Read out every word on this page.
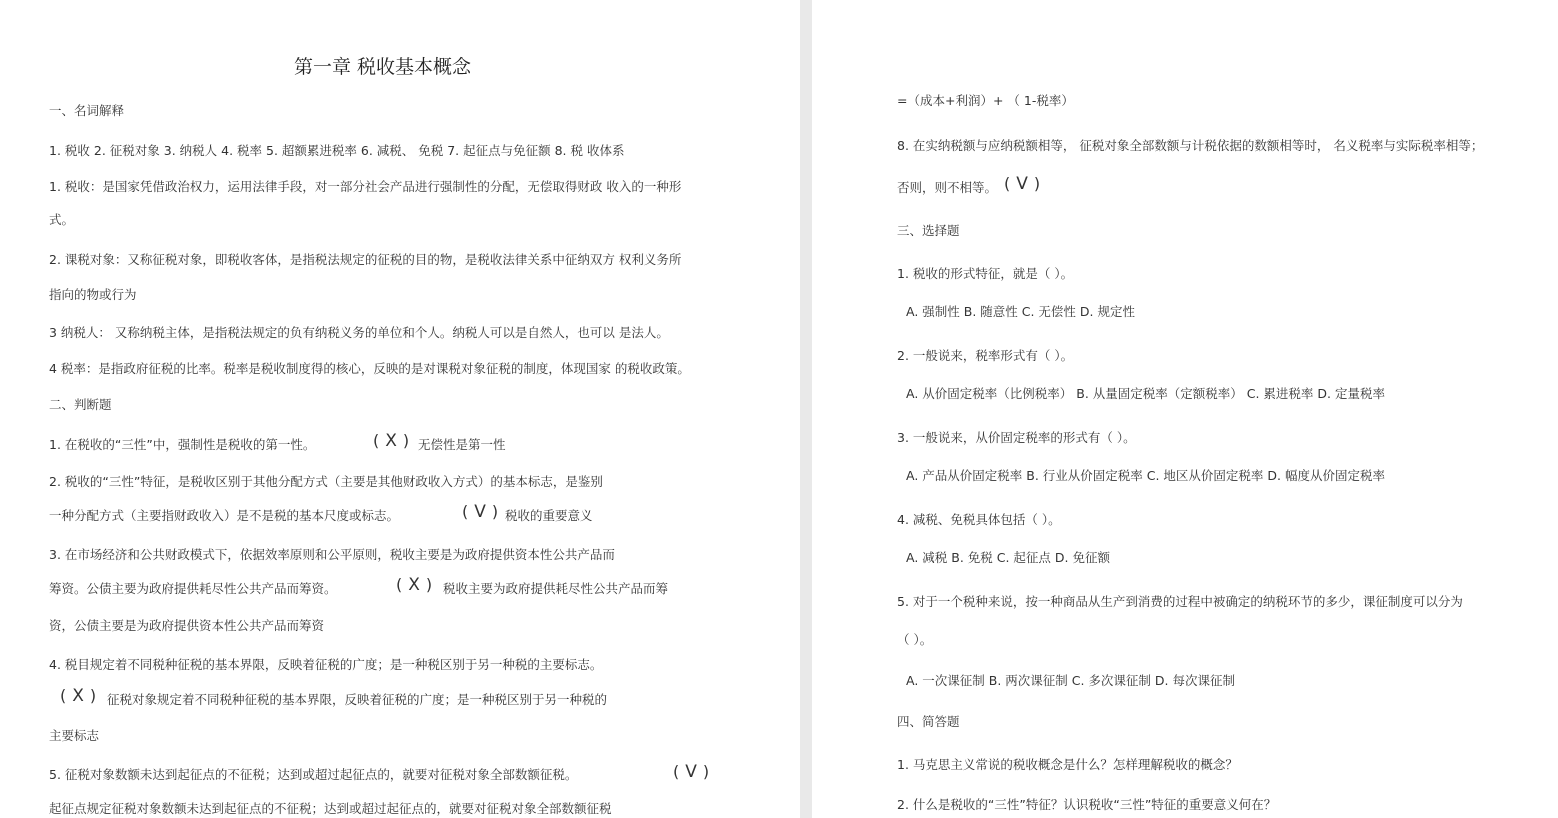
第一章 税收基本概念
一、名词解释
1. 税收 2. 征税对象 3. 纳税人 4. 税率 5. 超额累进税率 6. 减税、 免税 7. 起征点与免征额 8. 税 收体系
1. 税收：是国家凭借政治权力，运用法律手段，对一部分社会产品进行强制性的分配，无偿取得财政 收入的一种形
式。
2. 课税对象：又称征税对象，即税收客体，是指税法规定的征税的目的物，是税收法律关系中征纳双方 权利义务所
指向的物或行为
3 纳税人： 又称纳税主体，是指税法规定的负有纳税义务的单位和个人。纳税人可以是自然人，也可以 是法人。
4 税率：是指政府征税的比率。税率是税收制度得的核心，反映的是对课税对象征税的制度，体现国家 的税收政策。
二、判断题
1. 在税收的“三性”中，强制性是税收的第一性。	( X ) 无偿性是第一性
2. 税收的“三性”特征，是税收区别于其他分配方式（主要是其他财政收入方式）的基本标志，是鉴别
一种分配方式（主要指财政收入）是不是税的基本尺度或标志。	( V ) 税收的重要意义
3. 在市场经济和公共财政模式下，依据效率原则和公平原则，税收主要是为政府提供资本性公共产品而
筹资。公债主要为政府提供耗尽性公共产品而筹资。	( X ) 税收主要为政府提供耗尽性公共产品而筹
资，公债主要是为政府提供资本性公共产品而筹资
4. 税目规定着不同税种征税的基本界限，反映着征税的广度；是一种税区别于另一种税的主要标志。
( X ) 征税对象规定着不同税种征税的基本界限，反映着征税的广度；是一种税区别于另一种税的
主要标志
5. 征税对象数额未达到起征点的不征税；达到或超过起征点的，就要对征税对象全部数额征税。	( V )
起征点规定征税对象数额未达到起征点的不征税；达到或超过起征点的，就要对征税对象全部数额征税
=（成本+利润）+ （ 1-税率）
8. 在实纳税额与应纳税额相等， 征税对象全部数额与计税依据的数额相等时， 名义税率与实际税率相等；
否则，则不相等。 ( V )
三、选择题
1. 税收的形式特征，就是（ ）。
A. 强制性 B. 随意性 C. 无偿性 D. 规定性
2. 一般说来，税率形式有（ ）。
A. 从价固定税率（比例税率） B. 从量固定税率（定额税率） C. 累进税率 D. 定量税率
3. 一般说来，从价固定税率的形式有（ ）。
A. 产品从价固定税率 B. 行业从价固定税率 C. 地区从价固定税率 D. 幅度从价固定税率
4. 减税、免税具体包括（ ）。
A. 减税 B. 免税 C. 起征点 D. 免征额
5. 对于一个税种来说，按一种商品从生产到消费的过程中被确定的纳税环节的多少，课征制度可以分为
（ ）。
A. 一次课征制 B. 两次课征制 C. 多次课征制 D. 每次课征制
四、简答题
1. 马克思主义常说的税收概念是什么？怎样理解税收的概念？
2. 什么是税收的“三性”特征？认识税收“三性”特征的重要意义何在？
